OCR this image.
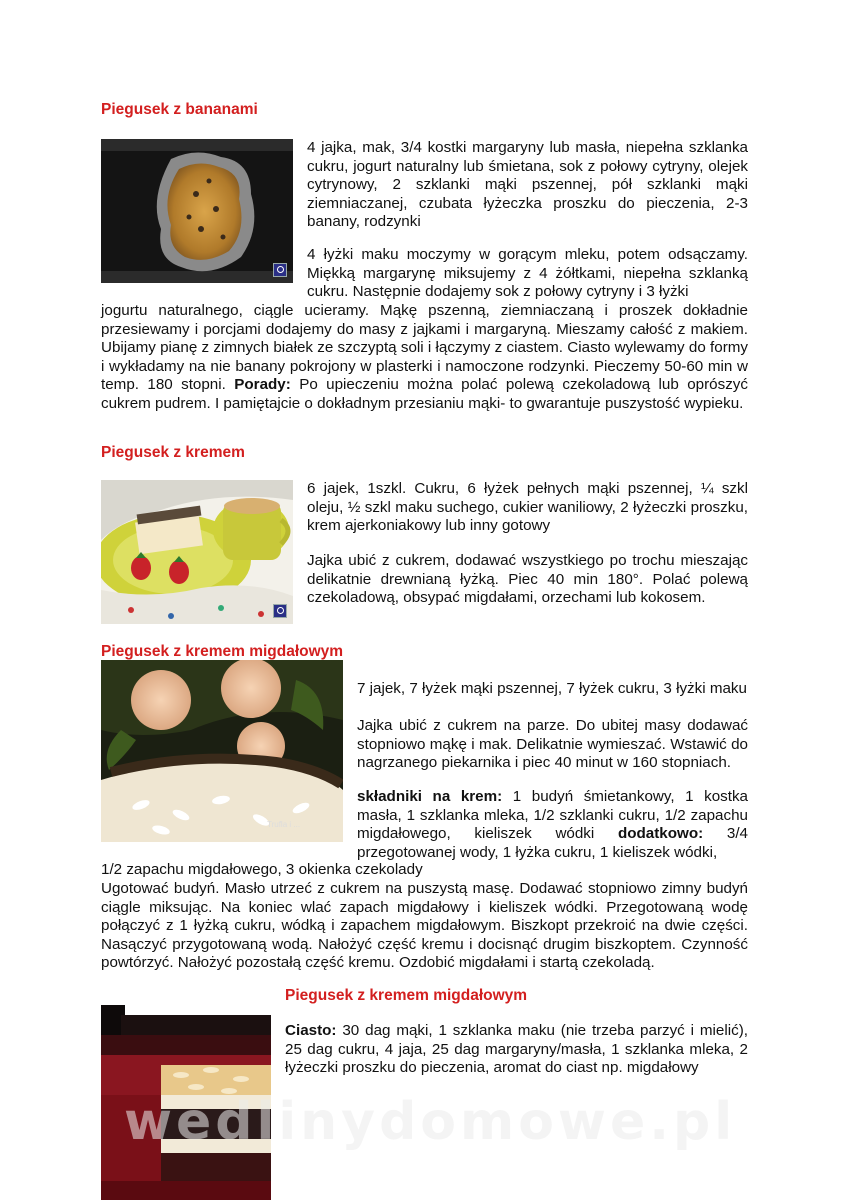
Piegusek z bananami
4 jajka, mak, 3/4 kostki margaryny lub masła, niepełna szklanka cukru, jogurt naturalny lub śmietana, sok z połowy cytryny, olejek cytrynowy, 2 szklanki mąki pszennej, pół szklanki mąki ziemniaczanej, czubata łyżeczka proszku do pieczenia, 2-3 banany, rodzynki
4 łyżki maku moczymy w gorącym mleku, potem odsączamy. Miękką margarynę miksujemy z 4 żółtkami, niepełna szklanką cukru. Następnie dodajemy sok z połowy cytryny i 3 łyżki
jogurtu naturalnego, ciągle ucieramy. Mąkę pszenną, ziemniaczaną i proszek dokładnie przesiewamy i porcjami dodajemy do masy z jajkami i margaryną. Mieszamy całość z makiem. Ubijamy pianę z zimnych białek ze szczyptą soli i łączymy z ciastem. Ciasto wylewamy do formy i wykładamy na nie banany pokrojony w plasterki i namoczone rodzynki. Pieczemy 50-60 min w temp. 180 stopni. Porady: Po upieczeniu można polać polewą czekoladową lub oprószyć cukrem pudrem. I pamiętajcie o dokładnym przesianiu mąki- to gwarantuje puszystość wypieku.
Piegusek z kremem
6 jajek, 1szkl. Cukru, 6 łyżek pełnych mąki pszennej, ¼ szkl oleju, ½ szkl maku suchego, cukier waniliowy, 2 łyżeczki proszku, krem ajerkoniakowy lub inny gotowy
Jajka ubić z cukrem, dodawać wszystkiego po trochu mieszając delikatnie drewnianą łyżką. Piec 40 min 180°. Polać polewą czekoladową, obsypać migdałami, orzechami lub kokosem.
Piegusek z kremem migdałowym
Trufla i ...
7 jajek, 7 łyżek mąki pszennej, 7 łyżek cukru, 3 łyżki maku
Jajka ubić z cukrem na parze. Do ubitej masy dodawać stopniowo mąkę i mak. Delikatnie wymieszać. Wstawić do nagrzanego piekarnika i piec 40 minut w 160 stopniach.
składniki na krem: 1 budyń śmietankowy, 1 kostka masła, 1 szklanka mleka, 1/2 szklanki cukru, 1/2 zapachu migdałowego, kieliszek wódki dodatkowo: 3/4 przegotowanej wody, 1 łyżka cukru, 1 kieliszek wódki,
1/2 zapachu migdałowego, 3 okienka czekolady
Ugotować budyń. Masło utrzeć z cukrem na puszystą masę. Dodawać stopniowo zimny budyń ciągle miksując. Na koniec wlać zapach migdałowy i kieliszek wódki. Przegotowaną wodę połączyć z 1 łyżką cukru, wódką i zapachem migdałowym. Biszkopt przekroić na dwie części. Nasączyć przygotowaną wodą. Nałożyć część kremu i docisnąć drugim biszkoptem. Czynność powtórzyć. Nałożyć pozostałą część kremu. Ozdobić migdałami i startą czekoladą.
Piegusek z kremem migdałowym
Ciasto: 30 dag mąki, 1 szklanka maku (nie trzeba parzyć i mielić), 25 dag cukru, 4 jaja, 25 dag margaryny/masła, 1 szklanka mleka, 2 łyżeczki proszku do pieczenia, aromat do ciast np. migdałowy
wedlinydomowe.pl
